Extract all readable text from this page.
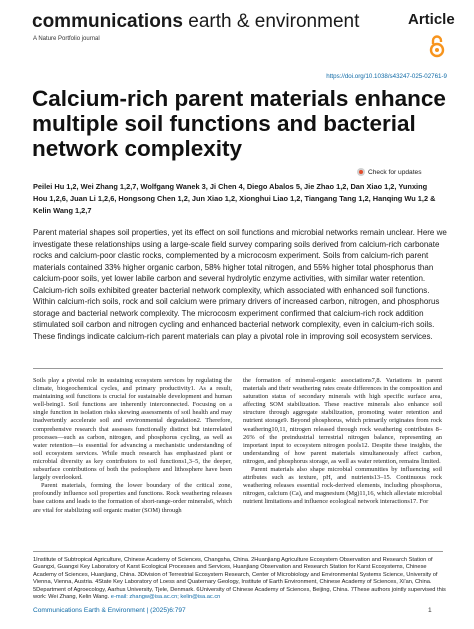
communications earth & environment
A Nature Portfolio journal
Article
https://doi.org/10.1038/s43247-025-02761-9
Calcium-rich parent materials enhance multiple soil functions and bacterial network complexity
Check for updates

Peilei Hu 1,2, Wei Zhang 1,2,7, Wolfgang Wanek 3, Ji Chen 4, Diego Abalos 5, Jie Zhao 1,2, Dan Xiao 1,2, Yunxing Hou 1,2,6, Juan Li 1,2,6, Hongsong Chen 1,2, Jun Xiao 1,2, Xionghui Liao 1,2, Tiangang Tang 1,2, Hanqing Wu 1,2 & Kelin Wang 1,2,7

Parent material shapes soil properties, yet its effect on soil functions and microbial networks remain unclear. Here we investigate these relationships using a large-scale field survey comparing soils derived from calcium-rich carbonate rocks and calcium-poor clastic rocks, complemented by a microcosm experiment. Soils from calcium-rich parent materials contained 33% higher organic carbon, 58% higher total nitrogen, and 55% higher total phosphorus than calcium-poor soils, yet lower labile carbon and several hydrolytic enzyme activities, with similar water retention. Calcium-rich soils exhibited greater bacterial network complexity, which associated with enhanced soil functions. Within calcium-rich soils, rock and soil calcium were primary drivers of increased carbon, nitrogen, and phosphorus storage and bacterial network complexity. The microcosm experiment confirmed that calcium-rich rock addition stimulated soil carbon and nitrogen cycling and enhanced bacterial network complexity, even in calcium-rich soils. These findings indicate calcium-rich parent materials can play a pivotal role in improving soil ecosystem services.

Soils play a pivotal role in sustaining ecosystem services by regulating the climate, biogeochemical cycles, and primary productivity1. As a result, maintaining soil functions is crucial for sustainable development and human well-being1. Soil functions are inherently interconnected. Focusing on a single function in isolation risks skewing assessments of soil health and may inadvertently accelerate soil and environmental degradation2. Therefore, comprehensive research that assesses functionally distinct but interrelated processes—such as carbon, nitrogen, and phosphorus cycling, as well as water retention—is essential for advancing a mechanistic understanding of soil ecosystem services. While much research has emphasized plant or microbial diversity as key contributors to soil functions1,3–5, the deeper, subsurface contributions of both the pedosphere and lithosphere have been largely overlooked.

Parent materials, forming the lower boundary of the critical zone, profoundly influence soil properties and functions. Rock weathering releases base cations and leads to the formation of short-range-order minerals6, which are vital for stabilizing soil organic matter (SOM) through

the formation of mineral-organic associations7,8. Variations in parent materials and their weathering rates create differences in the composition and saturation status of secondary minerals with high specific surface area, affecting SOM stabilization. These reactive minerals also enhance soil structure through aggregate stabilization, promoting water retention and nutrient storage9. Beyond phosphorus, which primarily originates from rock weathering10,11, nitrogen released through rock weathering contributes 8–26% of the preindustrial terrestrial nitrogen balance, representing an important input to ecosystem nitrogen pools12. Despite these insights, the understanding of how parent materials simultaneously affect carbon, nitrogen, and phosphorus storage, as well as water retention, remains limited.

Parent materials also shape microbial communities by influencing soil attributes such as texture, pH, and nutrients13–15. Continuous rock weathering releases essential rock-derived elements, including phosphorus, nitrogen, calcium (Ca), and magnesium (Mg)11,16, which alleviate microbial nutrient limitations and influence ecological network interactions17. For

1Institute of Subtropical Agriculture, Chinese Academy of Sciences, Changsha, China. 2Huanjiang Agriculture Ecosystem Observation and Research Station of Guangxi, Guangxi Key Laboratory of Karst Ecological Processes and Services, Huanjiang Observation and Research Station for Karst Ecosystems, Chinese Academy of Sciences, Huanjiang, China. 3Division of Terrestrial Ecosystem Research, Center of Microbiology and Environmental Systems Science, University of Vienna, Vienna, Austria. 4State Key Laboratory of Loess and Quaternary Geology, Institute of Earth Environment, Chinese Academy of Sciences, Xi'an, China. 5Department of Agroecology, Aarhus University, Tjele, Denmark. 6University of Chinese Academy of Sciences, Beijing, China. 7These authors jointly supervised this work: Wei Zhang, Kelin Wang. e-mail: zhangw@isa.ac.cn; kelin@isa.ac.cn
Communications Earth & Environment | (2025)6:797	1
